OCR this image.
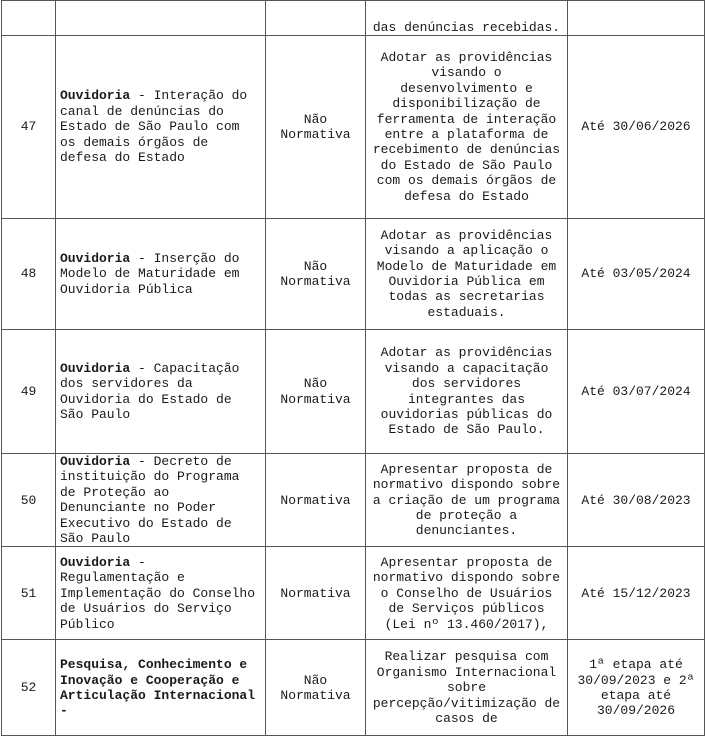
			das denúncias recebidas.	
47	Ouvidoria - Interação do canal de denúncias do Estado de São Paulo com os demais órgãos de defesa do Estado	Não Normativa	Adotar as providências visando o desenvolvimento e disponibilização de ferramenta de interação entre a plataforma de recebimento de denúncias do Estado de São Paulo com os demais órgãos de defesa do Estado	Até 30/06/2026
48	Ouvidoria - Inserção do Modelo de Maturidade em Ouvidoria Pública	Não Normativa	Adotar as providências visando a aplicação o Modelo de Maturidade em Ouvidoria Pública em todas as secretarias estaduais.	Até 03/05/2024
49	Ouvidoria - Capacitação dos servidores da Ouvidoria do Estado de São Paulo	Não Normativa	Adotar as providências visando a capacitação dos servidores integrantes das ouvidorias públicas do Estado de São Paulo.	Até 03/07/2024
50	Ouvidoria - Decreto de instituição do Programa de Proteção ao Denunciante no Poder Executivo do Estado de São Paulo	Normativa	Apresentar proposta de normativo dispondo sobre a criação de um programa de proteção a denunciantes.	Até 30/08/2023
51	Ouvidoria - Regulamentação e Implementação do Conselho de Usuários do Serviço Público	Normativa	Apresentar proposta de normativo dispondo sobre o Conselho de Usuários de Serviços públicos (Lei nº 13.460/2017),	Até 15/12/2023
52	Pesquisa, Conhecimento e Inovação e Cooperação e Articulação Internacional -	Não Normativa	Realizar pesquisa com Organismo Internacional sobre percepção/vitimização de casos de	1ª etapa até 30/09/2023 e 2ª etapa até 30/09/2026
